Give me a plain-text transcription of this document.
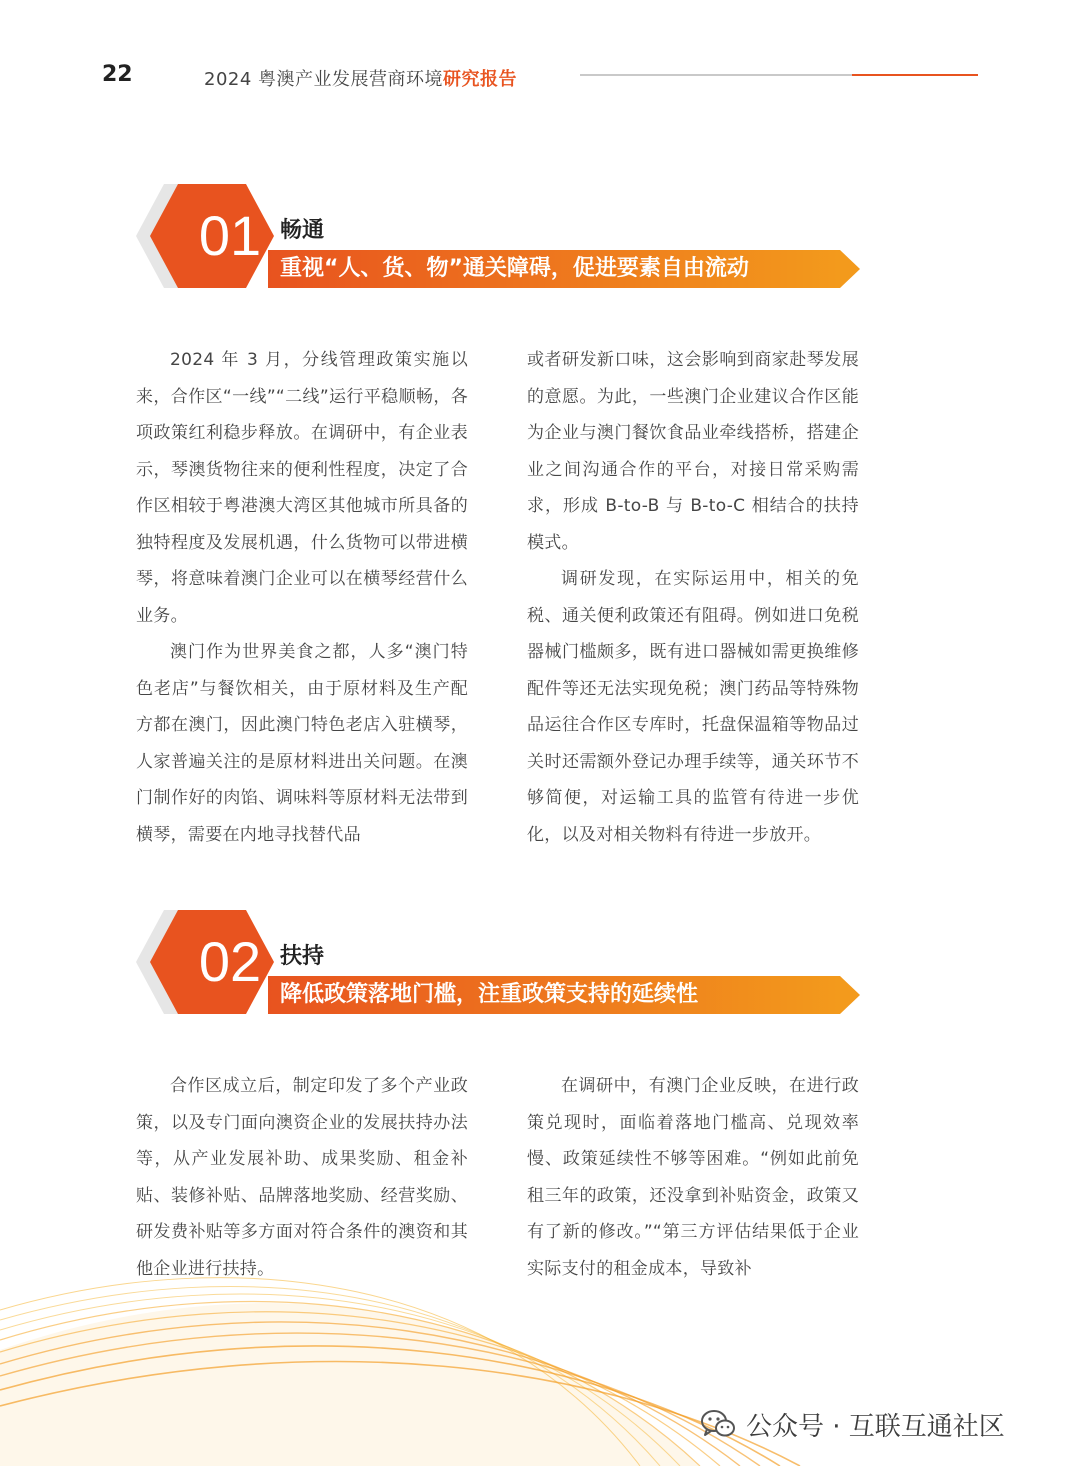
22	2024 粤澳产业发展营商环境研究报告
01 畅通
重视“人、货、物”通关障碍，促进要素自由流动

2024 年 3 月，分线管理政策实施以来，合作区“一线”“二线”运行平稳顺畅，各项政策红利稳步释放。在调研中，有企业表示，琴澳货物往来的便利性程度，决定了合作区相较于粤港澳大湾区其他城市所具备的独特程度及发展机遇，什么货物可以带进横琴，将意味着澳门企业可以在横琴经营什么业务。

澳门作为世界美食之都，人多“澳门特色老店”与餐饮相关，由于原材料及生产配方都在澳门，因此澳门特色老店入驻横琴，人家普遍关注的是原材料进出关问题。在澳门制作好的肉馅、调味料等原材料无法带到横琴，需要在内地寻找替代品

或者研发新口味，这会影响到商家赴琴发展的意愿。为此，一些澳门企业建议合作区能为企业与澳门餐饮食品业牵线搭桥，搭建企业之间沟通合作的平台，对接日常采购需求，形成 B-to-B 与 B-to-C 相结合的扶持模式。

调研发现，在实际运用中，相关的免税、通关便利政策还有阻碍。例如进口免税器械门槛颇多，既有进口器械如需更换维修配件等还无法实现免税；澳门药品等特殊物品运往合作区专库时，托盘保温箱等物品过关时还需额外登记办理手续等，通关环节不够简便，对运输工具的监管有待进一步优化，以及对相关物料有待进一步放开。

02 扶持
降低政策落地门槛，注重政策支持的延续性

合作区成立后，制定印发了多个产业政策，以及专门面向澳资企业的发展扶持办法等，从产业发展补助、成果奖励、租金补贴、装修补贴、品牌落地奖励、经营奖励、研发费补贴等多方面对符合条件的澳资和其他企业进行扶持。

在调研中，有澳门企业反映，在进行政策兑现时，面临着落地门槛高、兑现效率慢、政策延续性不够等困难。“例如此前免租三年的政策，还没拿到补贴资金，政策又有了新的修改。”“第三方评估结果低于企业实际支付的租金成本，导致补

公众号 · 互联互通社区
